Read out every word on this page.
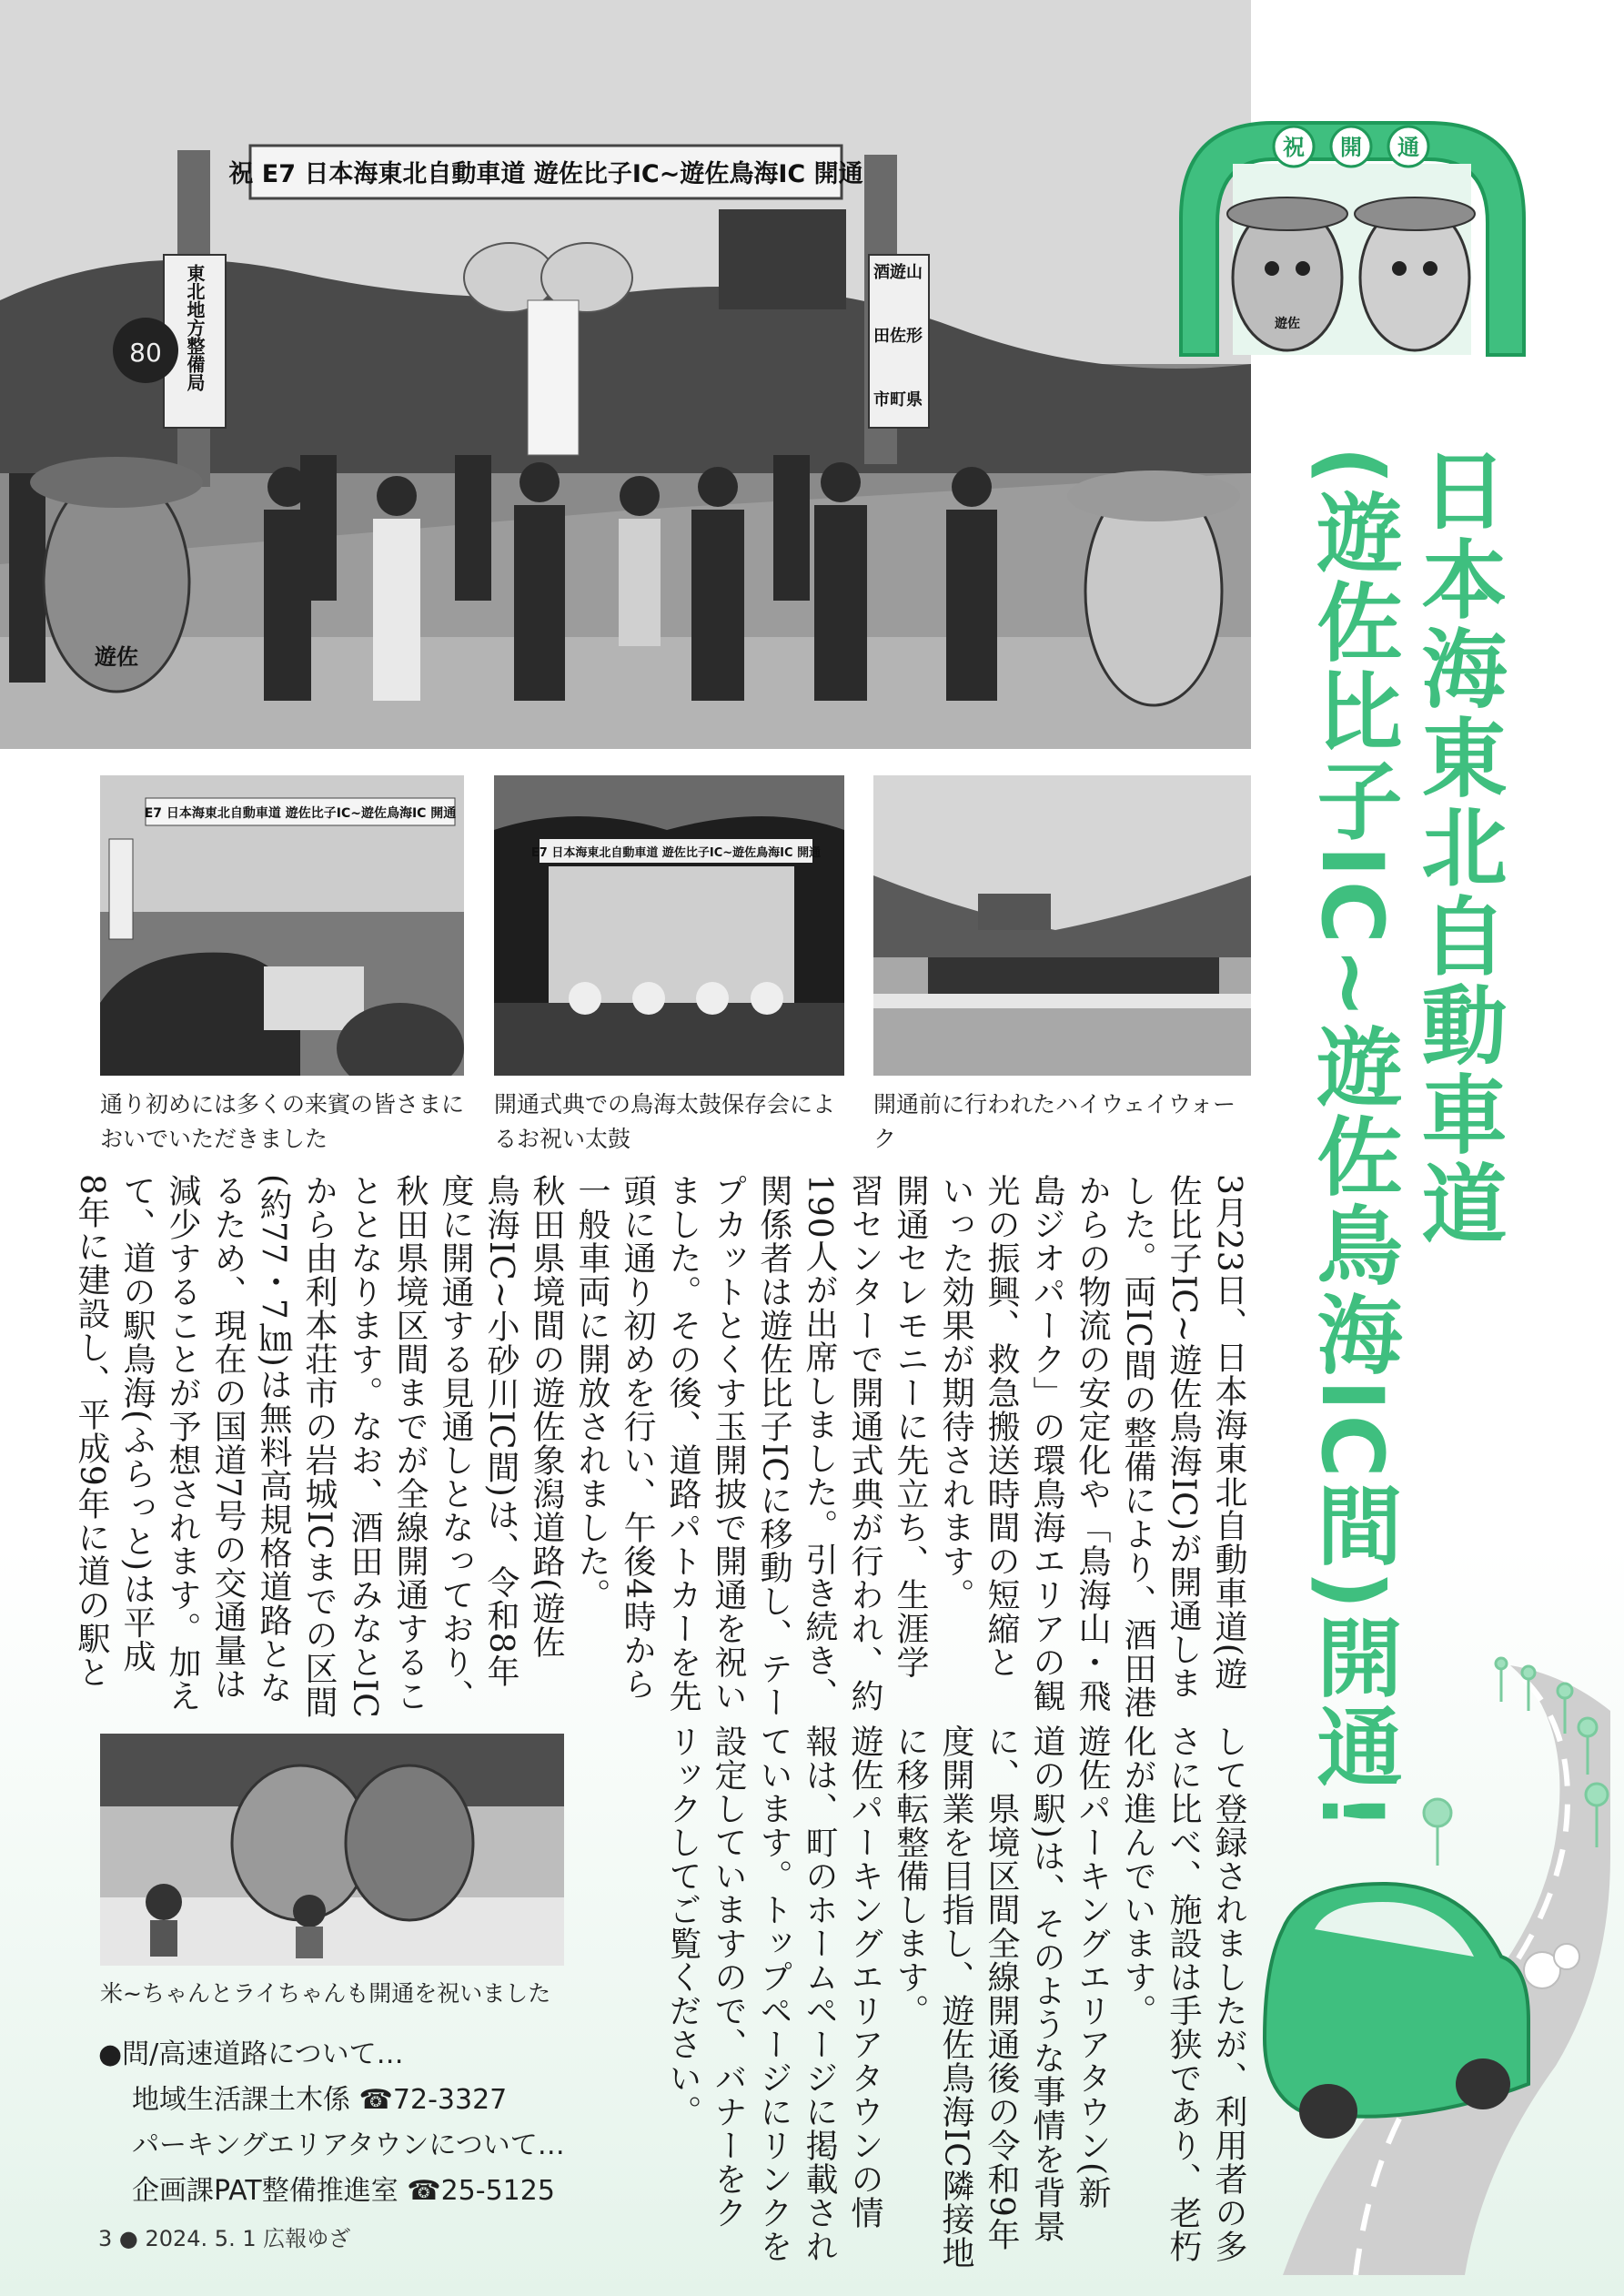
祝 E7 日本海東北自動車道 遊佐比子IC~遊佐鳥海IC 開通
東北地方整備局	酒遊山
田佐形
市町県
80
遊佐
祝 開 通
遊佐
日本海東北自動車道
(遊佐比子IC~遊佐鳥海IC間)開通!
E7 日本海東北自動車道 遊佐比子IC~遊佐鳥海IC 開通
E7 日本海東北自動車道 遊佐比子IC~遊佐鳥海IC 開通
通り初めには多くの来賓の皆さまにおいでいただきました
開通式典での鳥海太鼓保存会によるお祝い太鼓
開通前に行われたハイウェイウォーク
3月23日、日本海東北自動車道(遊
佐比子IC~遊佐鳥海IC)が開通しま
した。両IC間の整備により、酒田港
からの物流の安定化や「鳥海山・飛
島ジオパーク」の環鳥海エリアの観
光の振興、救急搬送時間の短縮と
いった効果が期待されます。
開通セレモニーに先立ち、生涯学
習センターで開通式典が行われ、約
190人が出席しました。引き続き、
関係者は遊佐比子ICに移動し、テー
プカットとくす玉開披で開通を祝い
ました。その後、道路パトカーを先
頭に通り初めを行い、午後4時から
一般車両に開放されました。
秋田県境間の遊佐象潟道路(遊佐
鳥海IC~小砂川IC間)は、令和8年
度に開通する見通しとなっており、
秋田県境区間までが全線開通するこ
ととなります。なお、酒田みなとIC
から由利本荘市の岩城ICまでの区間
(約77・7㎞)は無料高規格道路とな
るため、現在の国道7号の交通量は
減少することが予想されます。加え
て、道の駅鳥海(ふらっと)は平成
8年に建設し、平成9年に道の駅と
して登録されましたが、利用者の多
さに比べ、施設は手狭であり、老朽
化が進んでいます。
遊佐パーキングエリアタウン(新
道の駅)は、そのような事情を背景
に、県境区間全線開通後の令和9年
度開業を目指し、遊佐鳥海IC隣接地
に移転整備します。
遊佐パーキングエリアタウンの情
報は、町のホームページに掲載され
ています。トップページにリンクを
設定していますので、バナーをク
リックしてご覧ください。
米~ちゃんとライちゃんも開通を祝いました
●問/高速道路について…
地域生活課土木係 ☎72-3327
パーキングエリアタウンについて…
企画課PAT整備推進室 ☎25-5125
3 ● 2024. 5. 1 広報ゆざ
